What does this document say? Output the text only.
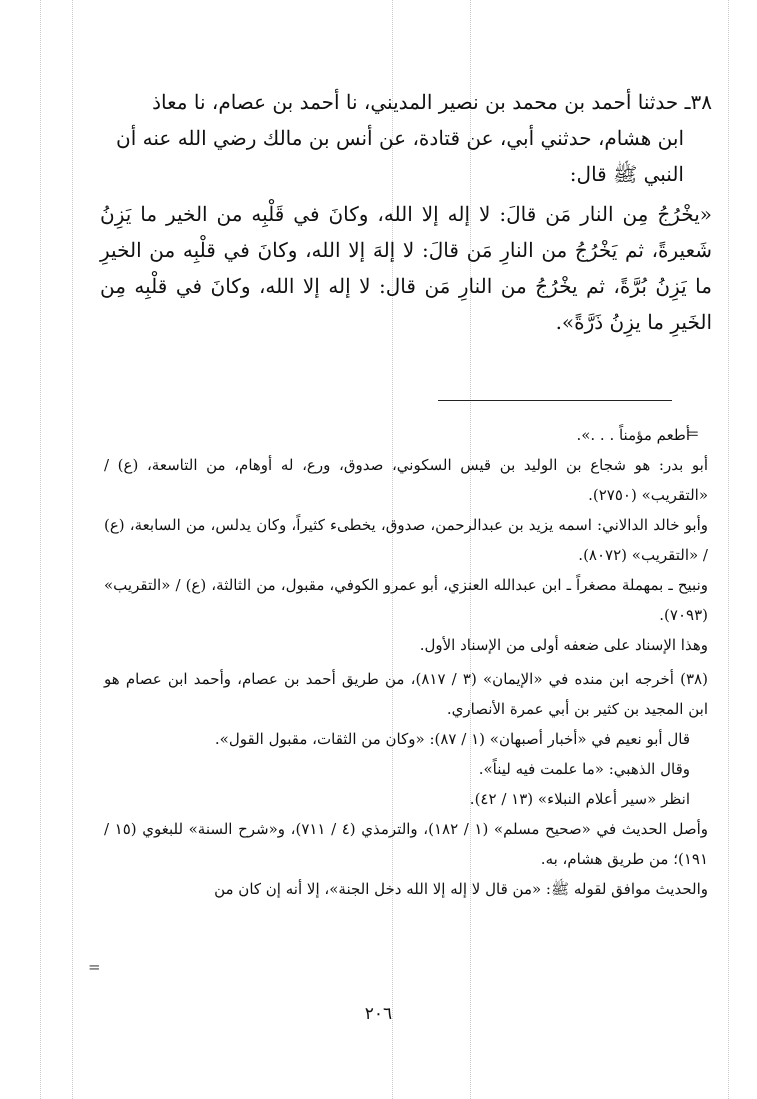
٣٨ـ حدثنا أحمد بن محمد بن نصير المديني، نا أحمد بن عصام، نا معاذ

ابن هشام، حدثني أبي، عن قتادة، عن أنس بن مالك رضي الله عنه أن
النبي ﷺ قال:

«يخْرُجُ مِن النار مَن قالَ: لا إله إلا الله، وكانَ في قَلْبِه من الخير ما يَزِنُ شَعيرةً، ثم يَخْرُجُ من النارِ مَن قالَ: لا إلهَ إلا الله، وكانَ في قلْبِه من الخيرِ ما يَزِنُ بُرَّةً، ثم يخْرُجُ من النارِ مَن قال: لا إله إلا الله، وكانَ في قلْبِه مِن الخَيرِ ما يزِنُ ذَرَّةً».

=

أطعم مؤمناً . . .».

أبو بدر: هو شجاع بن الوليد بن قيس السكوني، صدوق، ورع، له أوهام، من التاسعة، (ع) / «التقريب» (٢٧٥٠).

وأبو خالد الدالاني: اسمه يزيد بن عبدالرحمن، صدوق، يخطىء كثيراً، وكان يدلس، من السابعة، (ع) / «التقريب» (٨٠٧٢).

ونبيح ـ بمهملة مصغراً ـ ابن عبدالله العنزي، أبو عمرو الكوفي، مقبول، من الثالثة، (ع) / «التقريب» (٧٠٩٣).

وهذا الإسناد على ضعفه أولى من الإسناد الأول.

(٣٨) أخرجه ابن منده في «الإيمان» (٣ / ٨١٧)، من طريق أحمد بن عصام، وأحمد ابن عصام هو ابن المجيد بن كثير بن أبي عمرة الأنصاري.

قال أبو نعيم في «أخبار أصبهان» (١ / ٨٧): «وكان من الثقات، مقبول القول».

وقال الذهبي: «ما علمت فيه ليناً».

انظر «سير أعلام النبلاء» (١٣ / ٤٢).

وأصل الحديث في «صحيح مسلم» (١ / ١٨٢)، والترمذي (٤ / ٧١١)، و«شرح السنة» للبغوي (١٥ / ١٩١)؛ من طريق هشام، به.

والحديث موافق لقوله ﷺ: «من قال لا إله إلا الله دخل الجنة»، إلا أنه إن كان من

=
٢٠٦
